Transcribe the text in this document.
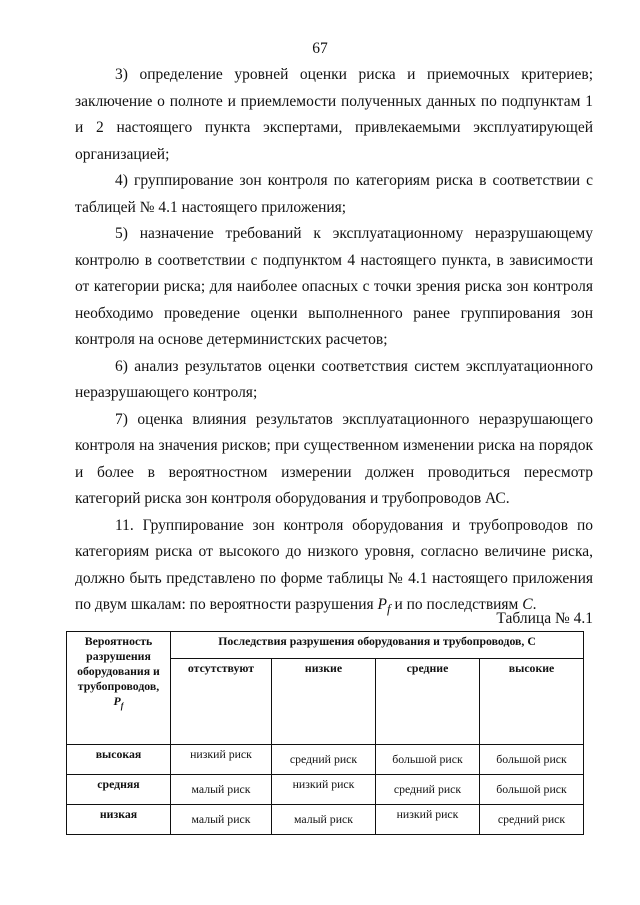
67

3) определение уровней оценки риска и приемочных критериев; заключение о полноте и приемлемости полученных данных по подпунктам 1 и 2 настоящего пункта экспертами, привлекаемыми эксплуатирующей организацией;

4) группирование зон контроля по категориям риска в соответствии с таблицей № 4.1 настоящего приложения;

5) назначение требований к эксплуатационному неразрушающему контролю в соответствии с подпунктом 4 настоящего пункта, в зависимости от категории риска; для наиболее опасных с точки зрения риска зон контроля необходимо проведение оценки выполненного ранее группирования зон контроля на основе детерминистских расчетов;

6) анализ результатов оценки соответствия систем эксплуатационного неразрушающего контроля;

7) оценка влияния результатов эксплуатационного неразрушающего контроля на значения рисков; при существенном изменении риска на порядок и более в вероятностном измерении должен проводиться пересмотр категорий риска зон контроля оборудования и трубопроводов АС.

11. Группирование зон контроля оборудования и трубопроводов по категориям риска от высокого до низкого уровня, согласно величине риска, должно быть представлено по форме таблицы № 4.1 настоящего приложения по двум шкалам: по вероятности разрушения $P_f$ и по последствиям C.

Таблица № 4.1
Вероятность разрушения оборудования и трубопроводов,
$P_f$	Последствия разрушения оборудования и трубопроводов, C			
	отсутствуют	низкие	средние	высокие
высокая	низкий риск	средний риск	большой риск	большой риск
средняя	малый риск	низкий риск	средний риск	большой риск
низкая	малый риск	малый риск	низкий риск	средний риск
